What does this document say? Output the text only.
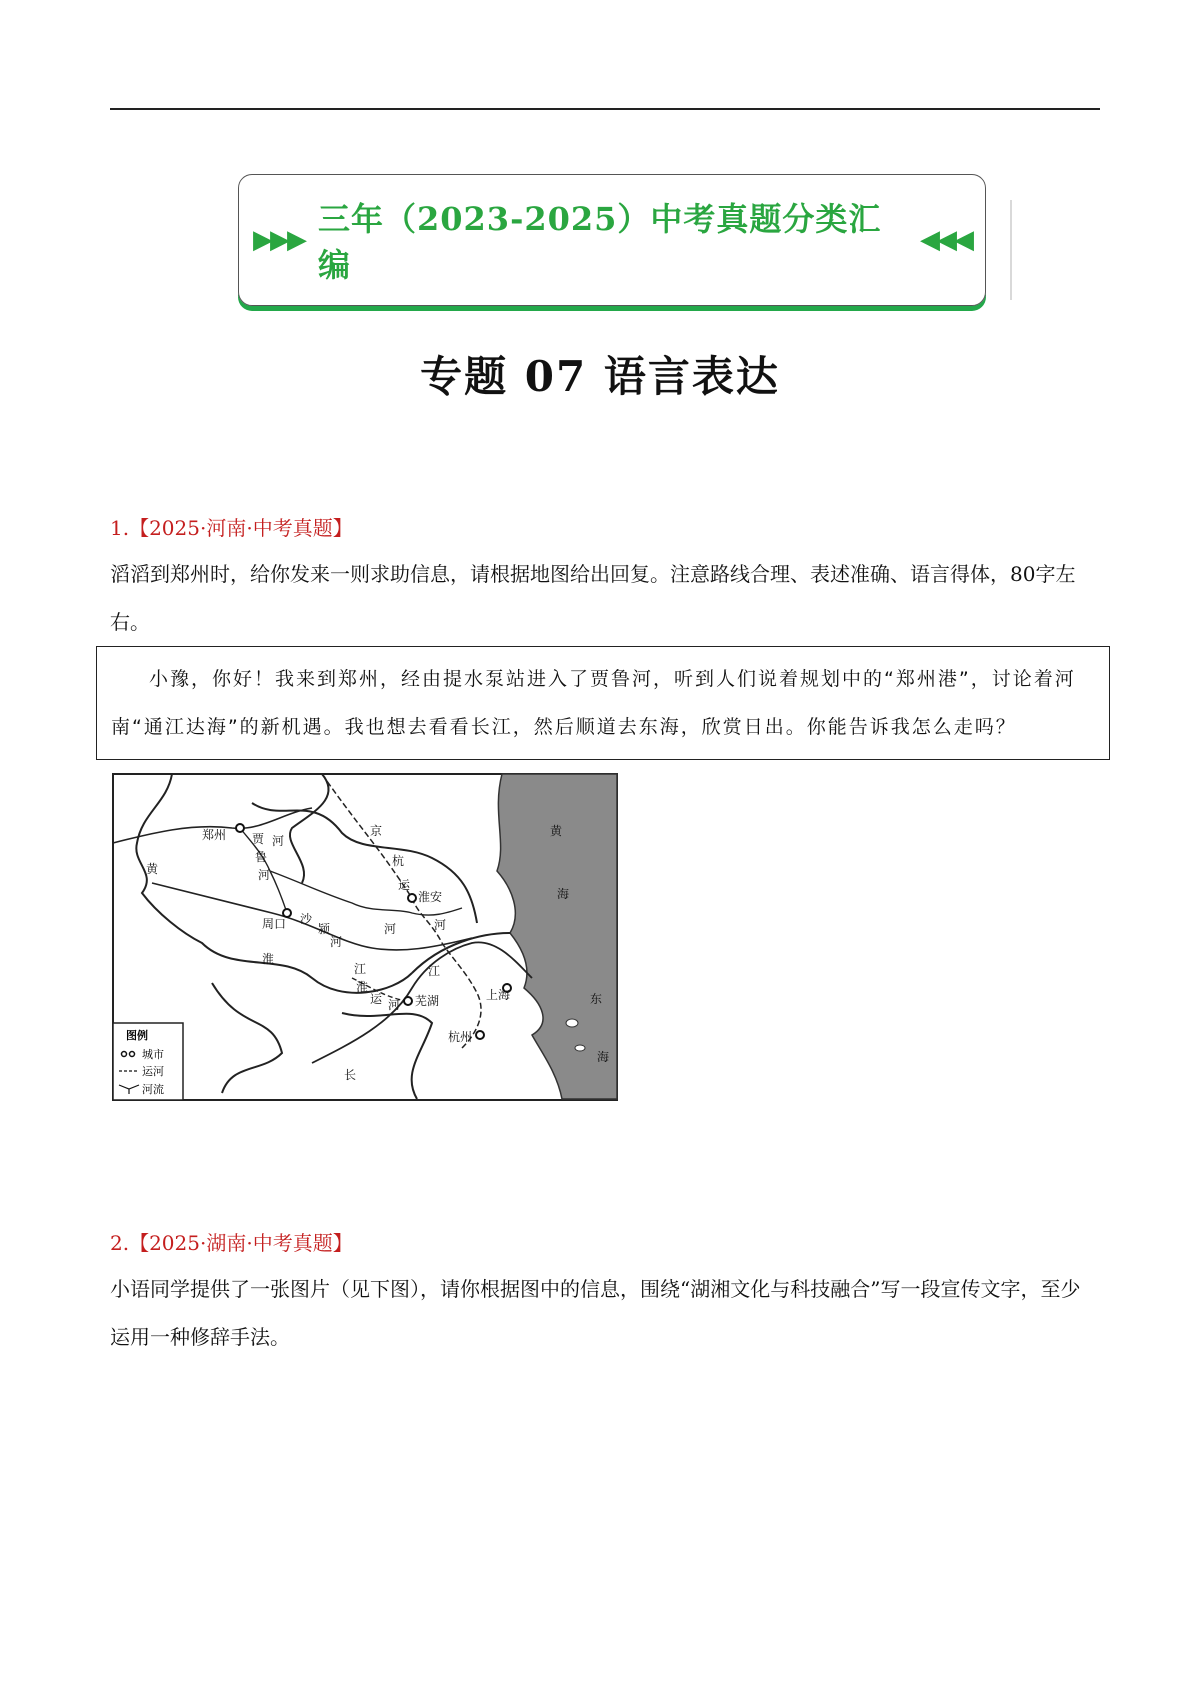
▶▶▶
三年（2023-2025）中考真题分类汇编
◀◀◀
专题 07 语言表达
1.【2025·河南·中考真题】
滔滔到郑州时，给你发来一则求助信息，请根据地图给出回复。注意路线合理、表述准确、语言得体，80字左右。
小豫，你好！我来到郑州，经由提水泵站进入了贾鲁河，听到人们说着规划中的“郑州港”，讨论着河南“通江达海”的新机遇。我也想去看看长江，然后顺道去东海，欣赏日出。你能告诉我怎么走吗？
黄
河
郑州 贾
鲁
河
周口 沙
颍
河
淮
河
京
杭
运
淮安
河
江	江
淮
运 河 芜湖	上海
杭州
长
黄
海
东
海
图例
城市
运河
河流
2.【2025·湖南·中考真题】
小语同学提供了一张图片（见下图），请你根据图中的信息，围绕“湖湘文化与科技融合”写一段宣传文字，至少运用一种修辞手法。
